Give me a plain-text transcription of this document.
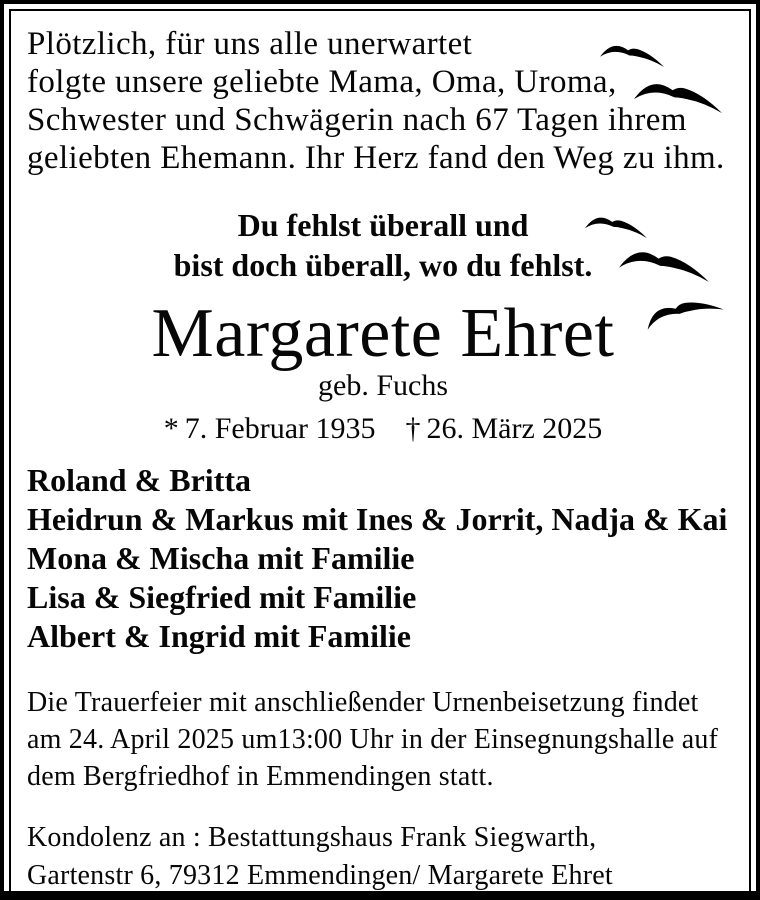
Plötzlich, für uns alle unerwartet
folgte unsere geliebte Mama, Oma, Uroma,
Schwester und Schwägerin nach 67 Tagen ihrem
geliebten Ehemann. Ihr Herz fand den Weg zu ihm.

Du fehlst überall und
bist doch überall, wo du fehlst.
Margarete Ehret
geb. Fuchs
* 7. Februar 1935 † 26. März 2025
Roland & Britta
Heidrun & Markus mit Ines & Jorrit, Nadja & Kai
Mona & Mischa mit Familie
Lisa & Siegfried mit Familie
Albert & Ingrid mit Familie

Die Trauerfeier mit anschließender Urnenbeisetzung findet
am 24. April 2025 um13:00 Uhr in der Einsegnungshalle auf
dem Bergfriedhof in Emmendingen statt.

Kondolenz an : Bestattungshaus Frank Siegwarth,
Gartenstr 6, 79312 Emmendingen/ Margarete Ehret
